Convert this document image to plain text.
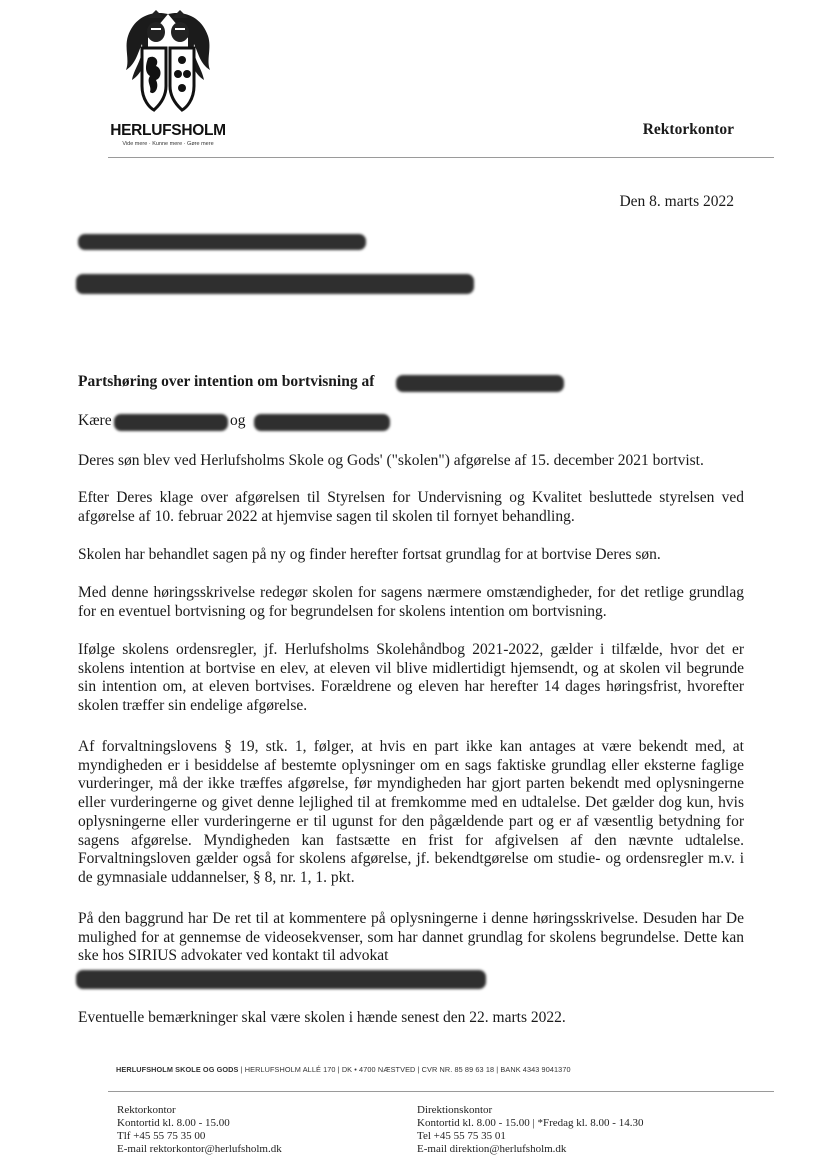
HERLUFSHOLM
Vide mere · Kunne mere · Gøre mere
Rektorkontor
Den 8. marts 2022
Partshøring over intention om bortvisning af
Kære	og

Deres søn blev ved Herlufsholms Skole og Gods' ("skolen") afgørelse af 15. december 2021 bortvist.

Efter Deres klage over afgørelsen til Styrelsen for Undervisning og Kvalitet besluttede styrelsen ved afgørelse af 10. februar 2022 at hjemvise sagen til skolen til fornyet behandling.

Skolen har behandlet sagen på ny og finder herefter fortsat grundlag for at bortvise Deres søn.

Med denne høringsskrivelse redegør skolen for sagens nærmere omstændigheder, for det retlige grundlag for en eventuel bortvisning og for begrundelsen for skolens intention om bortvisning.

Ifølge skolens ordensregler, jf. Herlufsholms Skolehåndbog 2021-2022, gælder i tilfælde, hvor det er skolens intention at bortvise en elev, at eleven vil blive midlertidigt hjemsendt, og at skolen vil begrunde sin intention om, at eleven bortvises. Forældrene og eleven har herefter 14 dages høringsfrist, hvorefter skolen træffer sin endelige afgørelse.

Af forvaltningslovens § 19, stk. 1, følger, at hvis en part ikke kan antages at være bekendt med, at myndigheden er i besiddelse af bestemte oplysninger om en sags faktiske grundlag eller eksterne faglige vurderinger, må der ikke træffes afgørelse, før myndigheden har gjort parten bekendt med oplysningerne eller vurderingerne og givet denne lejlighed til at fremkomme med en udtalelse. Det gælder dog kun, hvis oplysningerne eller vurderingerne er til ugunst for den pågældende part og er af væsentlig betydning for sagens afgørelse. Myndigheden kan fastsætte en frist for afgivelsen af den nævnte udtalelse. Forvaltningsloven gælder også for skolens afgørelse, jf. bekendtgørelse om studie- og ordensregler m.v. i de gymnasiale uddannelser, § 8, nr. 1, 1. pkt.

På den baggrund har De ret til at kommentere på oplysningerne i denne høringsskrivelse. Desuden har De mulighed for at gennemse de videosekvenser, som har dannet grundlag for skolens begrundelse. Dette kan ske hos SIRIUS advokater ved kontakt til advokat

Eventuelle bemærkninger skal være skolen i hænde senest den 22. marts 2022.

HERLUFSHOLM SKOLE OG GODS | HERLUFSHOLM ALLÉ 170 | DK • 4700 NÆSTVED | CVR NR. 85 89 63 18 | BANK 4343 9041370
Rektorkontor
Kontortid kl. 8.00 - 15.00
Tlf +45 55 75 35 00
E-mail rektorkontor@herlufsholm.dk
Direktionskontor
Kontortid kl. 8.00 - 15.00 | *Fredag kl. 8.00 - 14.30
Tel +45 55 75 35 01
E-mail direktion@herlufsholm.dk
